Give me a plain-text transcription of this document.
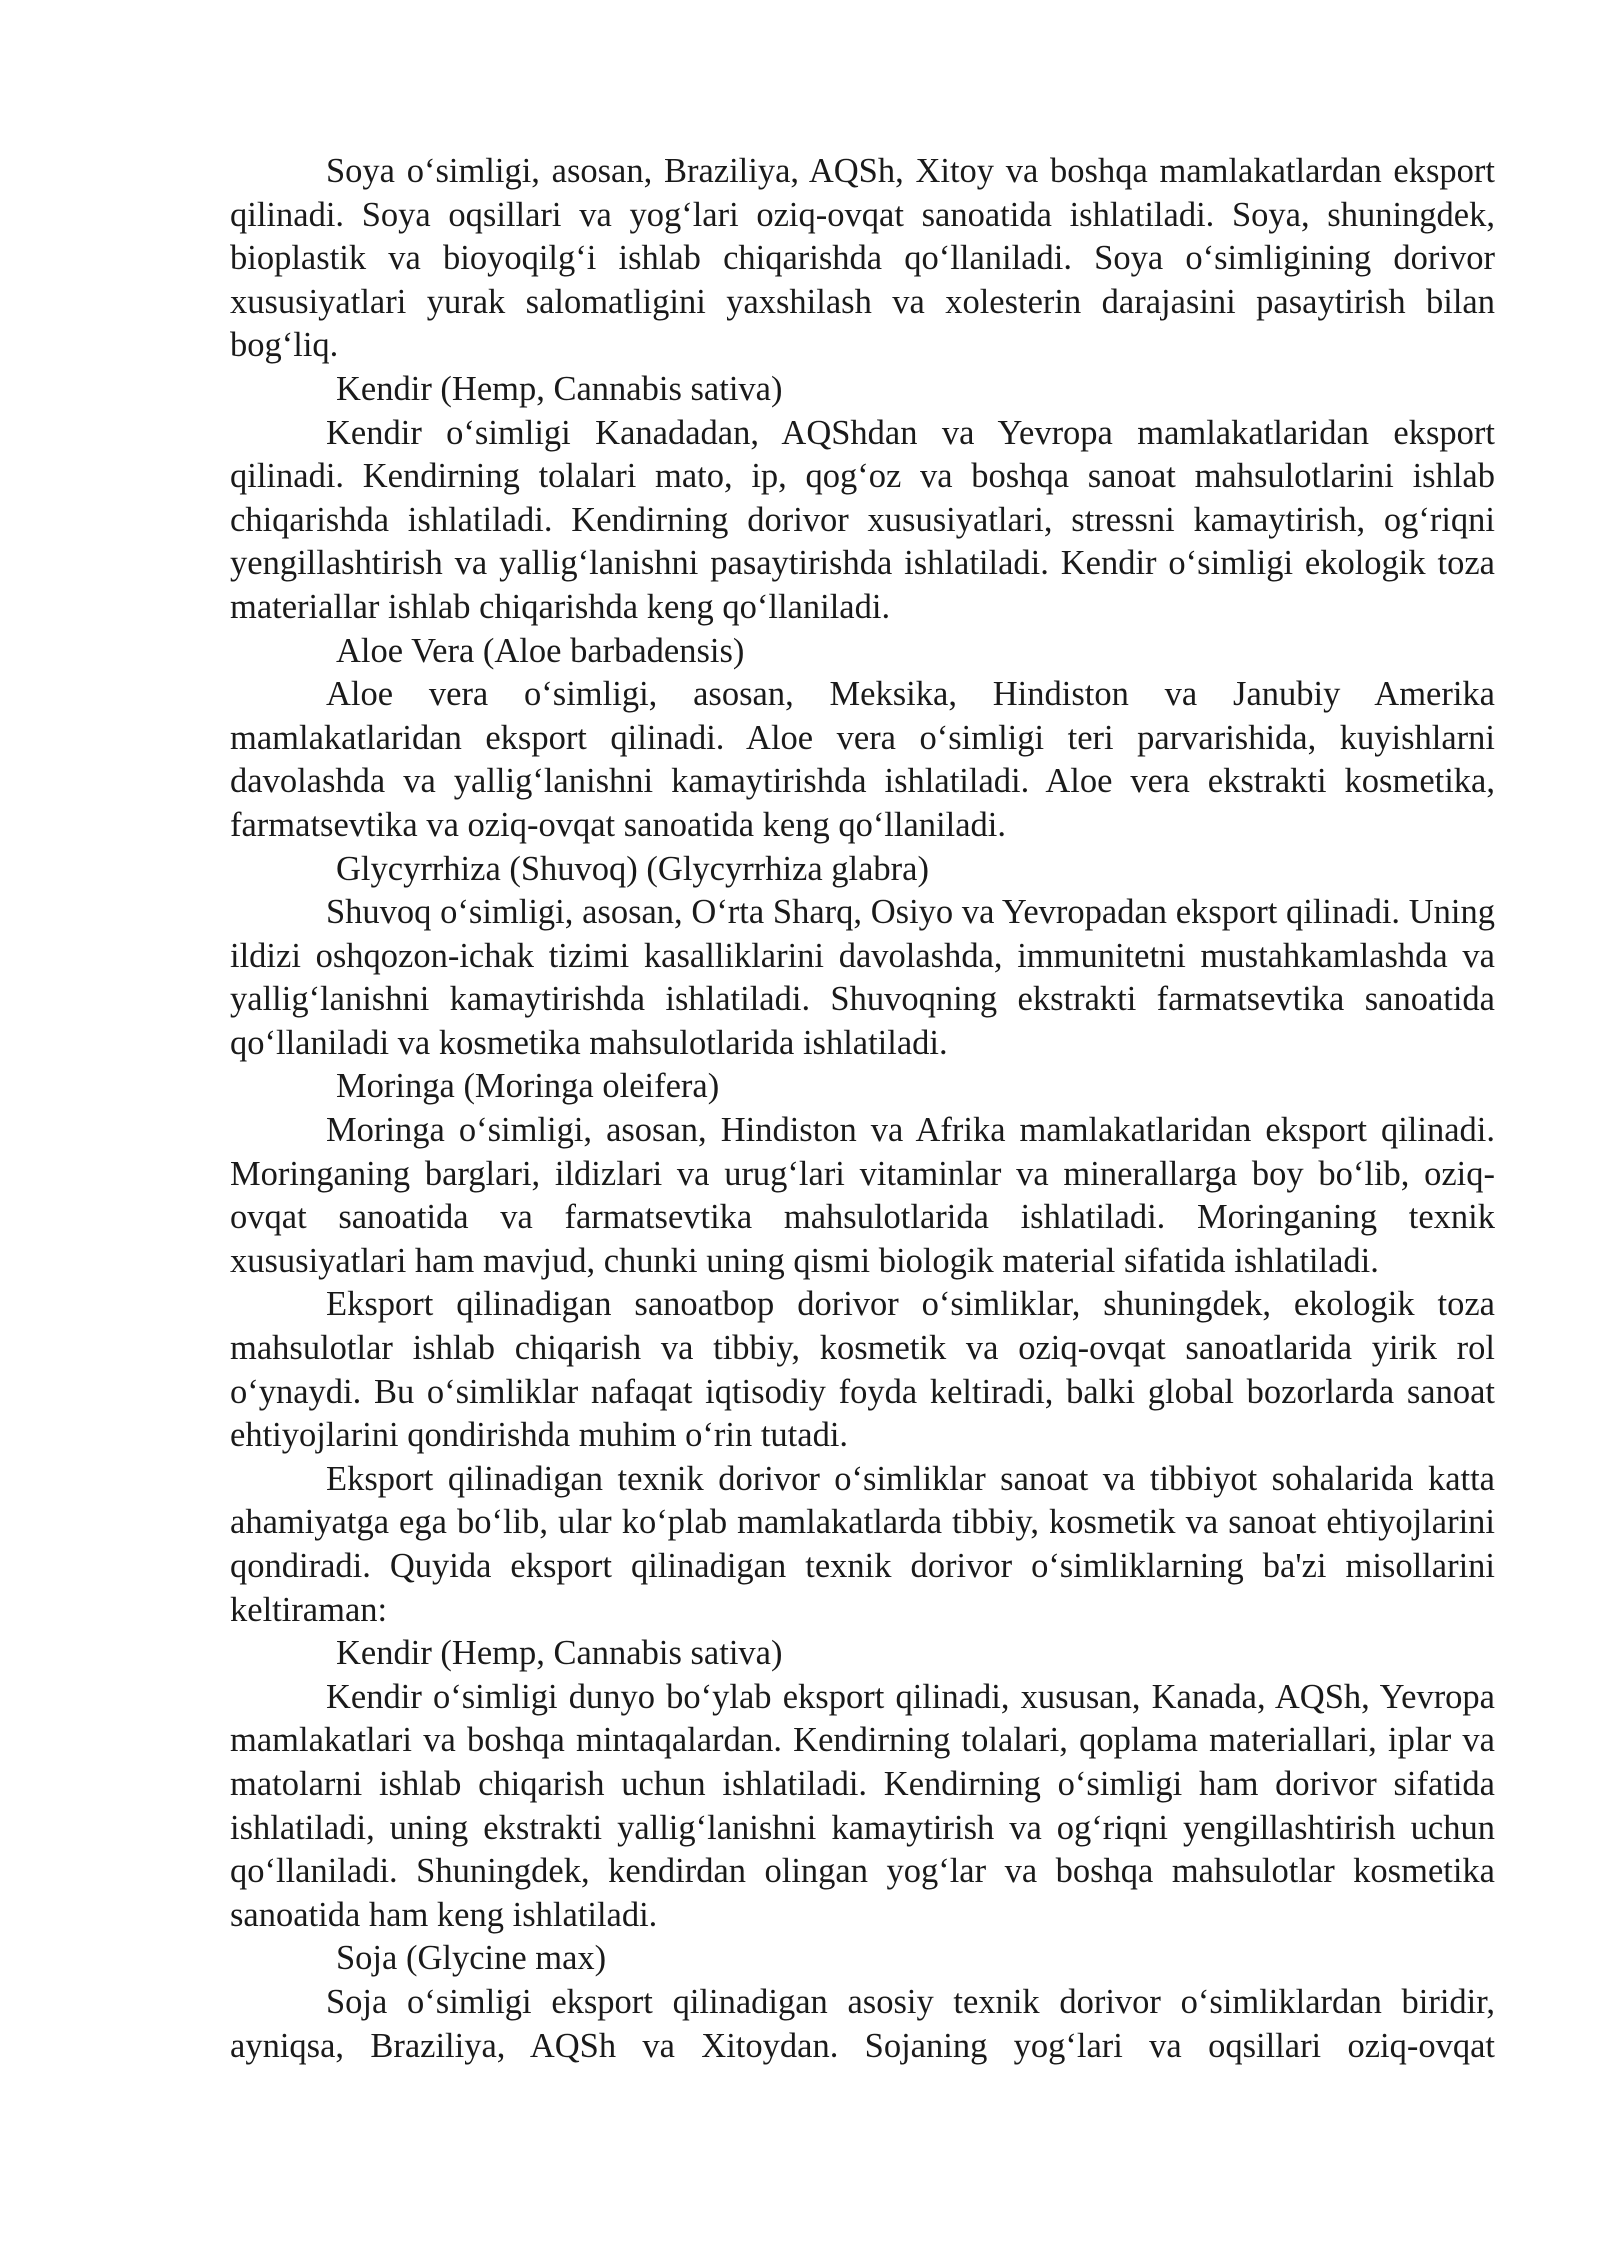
Soya o‘simligi, asosan, Braziliya, AQSh, Xitoy va boshqa mamlakatlardan eksport qilinadi. Soya oqsillari va yog‘lari oziq-ovqat sanoatida ishlatiladi. Soya, shuningdek, bioplastik va bioyoqilg‘i ishlab chiqarishda qo‘llaniladi. Soya o‘simligining dorivor xususiyatlari yurak salomatligini yaxshilash va xolesterin darajasini pasaytirish bilan bog‘liq.

Kendir (Hemp, Cannabis sativa)

Kendir o‘simligi Kanadadan, AQShdan va Yevropa mamlakatlaridan eksport qilinadi. Kendirning tolalari mato, ip, qog‘oz va boshqa sanoat mahsulotlarini ishlab chiqarishda ishlatiladi. Kendirning dorivor xususiyatlari, stressni kamaytirish, og‘riqni yengillashtirish va yallig‘lanishni pasaytirishda ishlatiladi. Kendir o‘simligi ekologik toza materiallar ishlab chiqarishda keng qo‘llaniladi.

Aloe Vera (Aloe barbadensis)

Aloe vera o‘simligi, asosan, Meksika, Hindiston va Janubiy Amerika mamlakatlaridan eksport qilinadi. Aloe vera o‘simligi teri parvarishida, kuyishlarni davolashda va yallig‘lanishni kamaytirishda ishlatiladi. Aloe vera ekstrakti kosmetika, farmatsevtika va oziq-ovqat sanoatida keng qo‘llaniladi.

Glycyrrhiza (Shuvoq) (Glycyrrhiza glabra)

Shuvoq o‘simligi, asosan, O‘rta Sharq, Osiyo va Yevropadan eksport qilinadi. Uning ildizi oshqozon-ichak tizimi kasalliklarini davolashda, immunitetni mustahkamlashda va yallig‘lanishni kamaytirishda ishlatiladi. Shuvoqning ekstrakti farmatsevtika sanoatida qo‘llaniladi va kosmetika mahsulotlarida ishlatiladi.

Moringa (Moringa oleifera)

Moringa o‘simligi, asosan, Hindiston va Afrika mamlakatlaridan eksport qilinadi. Moringaning barglari, ildizlari va urug‘lari vitaminlar va minerallarga boy bo‘lib, oziq-ovqat sanoatida va farmatsevtika mahsulotlarida ishlatiladi. Moringaning texnik xususiyatlari ham mavjud, chunki uning qismi biologik material sifatida ishlatiladi.

Eksport qilinadigan sanoatbop dorivor o‘simliklar, shuningdek, ekologik toza mahsulotlar ishlab chiqarish va tibbiy, kosmetik va oziq-ovqat sanoatlarida yirik rol o‘ynaydi. Bu o‘simliklar nafaqat iqtisodiy foyda keltiradi, balki global bozorlarda sanoat ehtiyojlarini qondirishda muhim o‘rin tutadi.

Eksport qilinadigan texnik dorivor o‘simliklar sanoat va tibbiyot sohalarida katta ahamiyatga ega bo‘lib, ular ko‘plab mamlakatlarda tibbiy, kosmetik va sanoat ehtiyojlarini qondiradi. Quyida eksport qilinadigan texnik dorivor o‘simliklarning ba'zi misollarini keltiraman:

Kendir (Hemp, Cannabis sativa)

Kendir o‘simligi dunyo bo‘ylab eksport qilinadi, xususan, Kanada, AQSh, Yevropa mamlakatlari va boshqa mintaqalardan. Kendirning tolalari, qoplama materiallari, iplar va matolarni ishlab chiqarish uchun ishlatiladi. Kendirning o‘simligi ham dorivor sifatida ishlatiladi, uning ekstrakti yallig‘lanishni kamaytirish va og‘riqni yengillashtirish uchun qo‘llaniladi. Shuningdek, kendirdan olingan yog‘lar va boshqa mahsulotlar kosmetika sanoatida ham keng ishlatiladi.

Soja (Glycine max)

Soja o‘simligi eksport qilinadigan asosiy texnik dorivor o‘simliklardan biridir, ayniqsa, Braziliya, AQSh va Xitoydan. Sojaning yog‘lari va oqsillari oziq-ovqat
